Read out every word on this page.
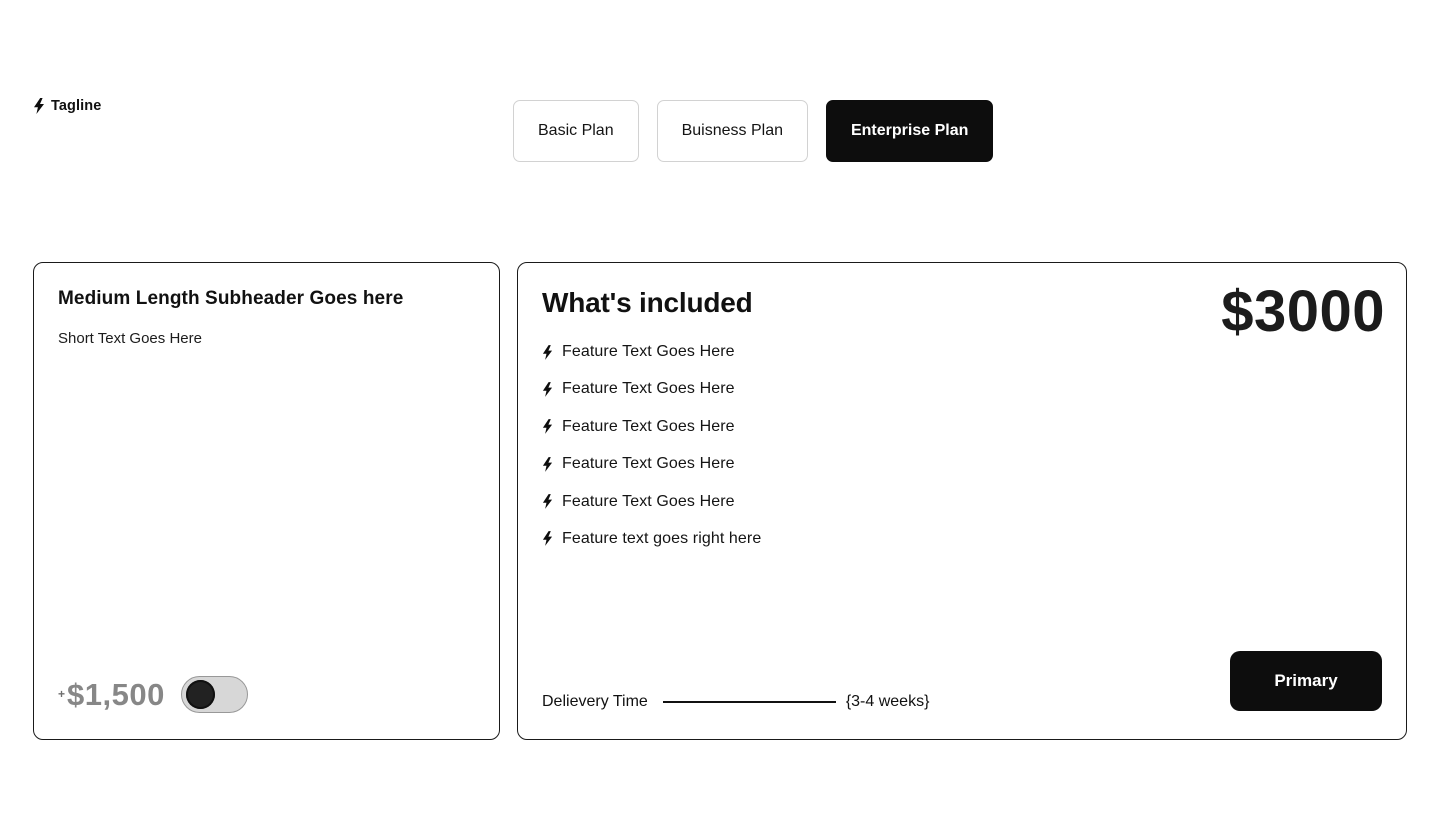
Tagline
Basic Plan	Buisness Plan	Enterprise Plan
Medium Length Subheader Goes here
Short Text Goes Here
+ $1,500
What's included	$3000
Feature Text Goes Here
Feature Text Goes Here
Feature Text Goes Here
Feature Text Goes Here
Feature Text Goes Here
Feature text goes right here
Delievery Time	{3-4 weeks}
Primary
